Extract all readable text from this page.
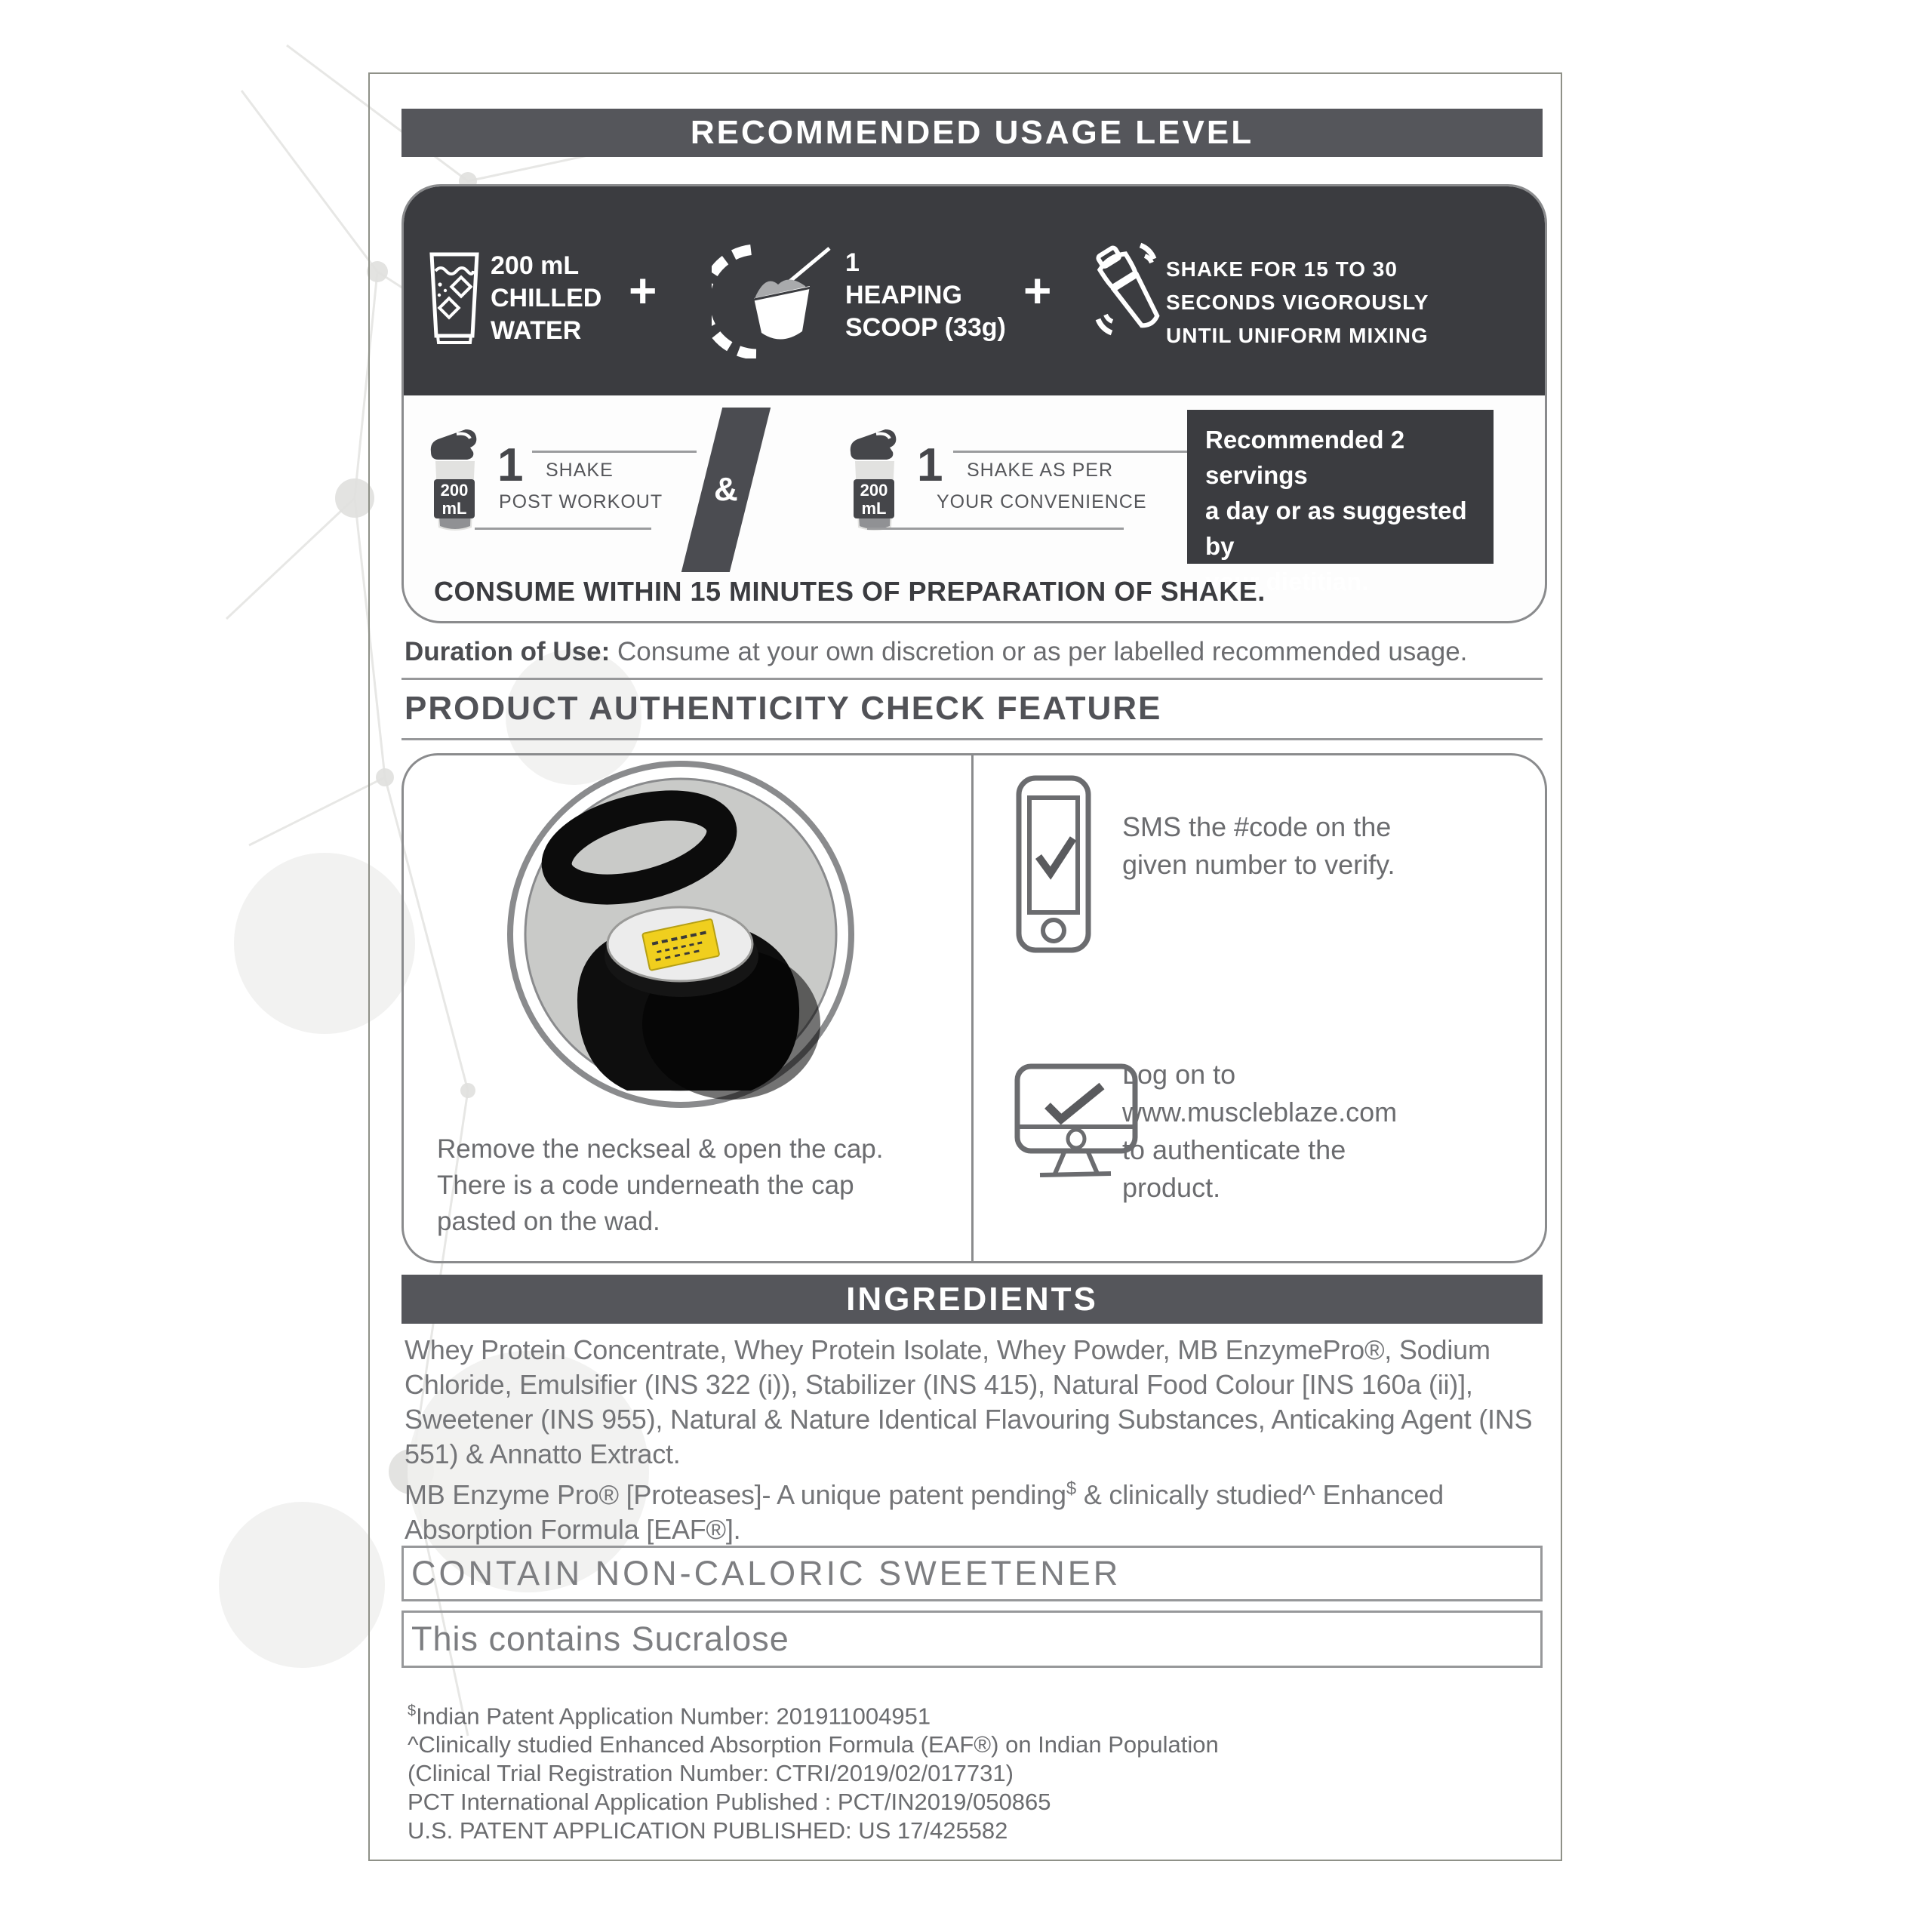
RECOMMENDED USAGE LEVEL
200 mL
CHILLED
WATER
+
1
HEAPING
SCOOP (33g)
+	SHAKE FOR 15 TO 30
SECONDS VIGOROUSLY
UNTIL UNIFORM MIXING
200
mL
1 SHAKE
POST WORKOUT &	200
mL
1 SHAKE AS PER
YOUR CONVENIENCE
Recommended 2 servings
a day or as suggested by
your dietitian.
CONSUME WITHIN 15 MINUTES OF PREPARATION OF SHAKE.
Duration of Use: Consume at your own discretion or as per labelled recommended usage.
PRODUCT AUTHENTICITY CHECK FEATURE
Remove the neckseal & open the cap.
There is a code underneath the cap
pasted on the wad.
SMS the #code on the
given number to verify.
Log on to
www.muscleblaze.com
to authenticate the
product.
INGREDIENTS
Whey Protein Concentrate, Whey Protein Isolate, Whey Powder, MB EnzymePro®, Sodium Chloride, Emulsifier (INS 322 (i)), Stabilizer (INS 415), Natural Food Colour [INS 160a (ii)], Sweetener (INS 955), Natural & Nature Identical Flavouring Substances, Anticaking Agent (INS 551) & Annatto Extract.
MB Enzyme Pro® [Proteases]- A unique patent pending$ & clinically studied^ Enhanced Absorption Formula [EAF®].
CONTAIN NON-CALORIC SWEETENER
This contains Sucralose
$Indian Patent Application Number: 201911004951
^Clinically studied Enhanced Absorption Formula (EAF®) on Indian Population
(Clinical Trial Registration Number: CTRI/2019/02/017731)
PCT International Application Published : PCT/IN2019/050865
U.S. PATENT APPLICATION PUBLISHED: US 17/425582
